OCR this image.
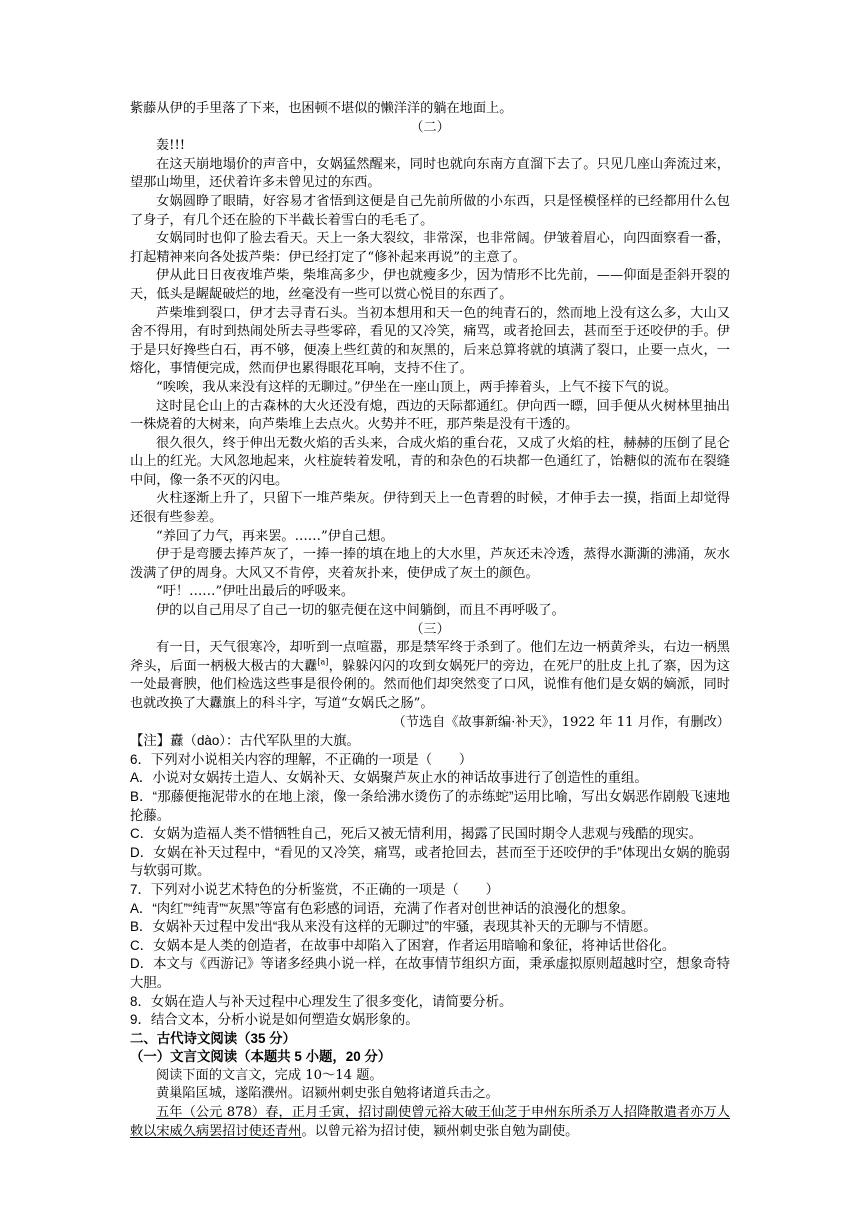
紫藤从伊的手里落了下来，也困顿不堪似的懒洋洋的躺在地面上。

（二）

轰!!!

在这天崩地塌价的声音中，女娲猛然醒来，同时也就向东南方直溜下去了。只见几座山奔流过来，望那山坳里，还伏着许多未曾见过的东西。

女娲圆睁了眼睛，好容易才省悟到这便是自己先前所做的小东西，只是怪模怪样的已经都用什么包了身子，有几个还在脸的下半截长着雪白的毛毛了。

女娲同时也仰了脸去看天。天上一条大裂纹，非常深，也非常阔。伊皱着眉心，向四面察看一番，打起精神来向各处拔芦柴：伊已经打定了“修补起来再说”的主意了。

伊从此日日夜夜堆芦柴，柴堆高多少，伊也就瘦多少，因为情形不比先前，——仰面是歪斜开裂的天，低头是龌龊破烂的地，丝毫没有一些可以赏心悦目的东西了。

芦柴堆到裂口，伊才去寻青石头。当初本想用和天一色的纯青石的，然而地上没有这么多，大山又舍不得用，有时到热闹处所去寻些零碎，看见的又冷笑，痛骂，或者抢回去，甚而至于还咬伊的手。伊于是只好搀些白石，再不够，便凑上些红黄的和灰黑的，后来总算将就的填满了裂口，止要一点火，一熔化，事情便完成，然而伊也累得眼花耳响，支持不住了。

“唉唉，我从来没有这样的无聊过。”伊坐在一座山顶上，两手捧着头，上气不接下气的说。

这时昆仑山上的古森林的大火还没有熄，西边的天际都通红。伊向西一瞟，回手便从火树林里抽出一株烧着的大树来，向芦柴堆上去点火。火势并不旺，那芦柴是没有干透的。

很久很久，终于伸出无数火焰的舌头来，合成火焰的重台花，又成了火焰的柱，赫赫的压倒了昆仑山上的红光。大风忽地起来，火柱旋转着发吼，青的和杂色的石块都一色通红了，饴糖似的流布在裂缝中间，像一条不灭的闪电。

火柱逐渐上升了，只留下一堆芦柴灰。伊待到天上一色青碧的时候，才伸手去一摸，指面上却觉得还很有些参差。

“养回了力气，再来罢。……”伊自己想。

伊于是弯腰去捧芦灰了，一捧一捧的填在地上的大水里，芦灰还未冷透，蒸得水澌澌的沸涌，灰水泼满了伊的周身。大风又不肯停，夹着灰扑来，使伊成了灰土的颜色。

“吁！……”伊吐出最后的呼吸来。

伊的以自己用尽了自己一切的躯壳便在这中间躺倒，而且不再呼吸了。

（三）

有一日，天气很寒冷，却听到一点喧嚣，那是禁军终于杀到了。他们左边一柄黄斧头，右边一柄黑斧头，后面一柄极大极古的大纛[a]，躲躲闪闪的攻到女娲死尸的旁边，在死尸的肚皮上扎了寨，因为这一处最膏腴，他们检选这些事是很伶俐的。然而他们却突然变了口风，说惟有他们是女娲的嫡派，同时也就改换了大纛旗上的科斗字，写道“女娲氏之肠”。

（节选自《故事新编·补天》，1922 年 11 月作，有删改）

【注】纛（dào）：古代军队里的大旗。

6．下列对小说相关内容的理解，不正确的一项是（　　）

A．小说对女娲抟土造人、女娲补天、女娲聚芦灰止水的神话故事进行了创造性的重组。

B．“那藤便拖泥带水的在地上滚，像一条给沸水烫伤了的赤练蛇”运用比喻，写出女娲恶作剧般飞速地抡藤。

C．女娲为造福人类不惜牺牲自己，死后又被无情利用，揭露了民国时期令人悲观与残酷的现实。

D．女娲在补天过程中，“看见的又冷笑，痛骂，或者抢回去，甚而至于还咬伊的手”体现出女娲的脆弱与软弱可欺。

7．下列对小说艺术特色的分析鉴赏，不正确的一项是（　　）

A．“肉红”“纯青”“灰黑”等富有色彩感的词语，充满了作者对创世神话的浪漫化的想象。

B．女娲补天过程中发出“我从来没有这样的无聊过”的牢骚，表现其补天的无聊与不情愿。

C．女娲本是人类的创造者，在故事中却陷入了困窘，作者运用暗喻和象征，将神话世俗化。

D．本文与《西游记》等诸多经典小说一样，在故事情节组织方面，秉承虚拟原则超越时空，想象奇特大胆。

8．女娲在造人与补天过程中心理发生了很多变化，请简要分析。

9．结合文本，分析小说是如何塑造女娲形象的。

二、古代诗文阅读（35 分）

（一）文言文阅读（本题共 5 小题，20 分）

阅读下面的文言文，完成 10～14 题。

黄巢陷匡城，遂陷濮州。诏颍州刺史张自勉将诸道兵击之。

五年（公元 878）春，正月壬寅，招讨副使曾元裕大破王仙芝于申州东所杀万人招降散遣者亦万人敕以宋威久病罢招讨使还青州。以曾元裕为招讨使，颍州刺史张自勉为副使。
